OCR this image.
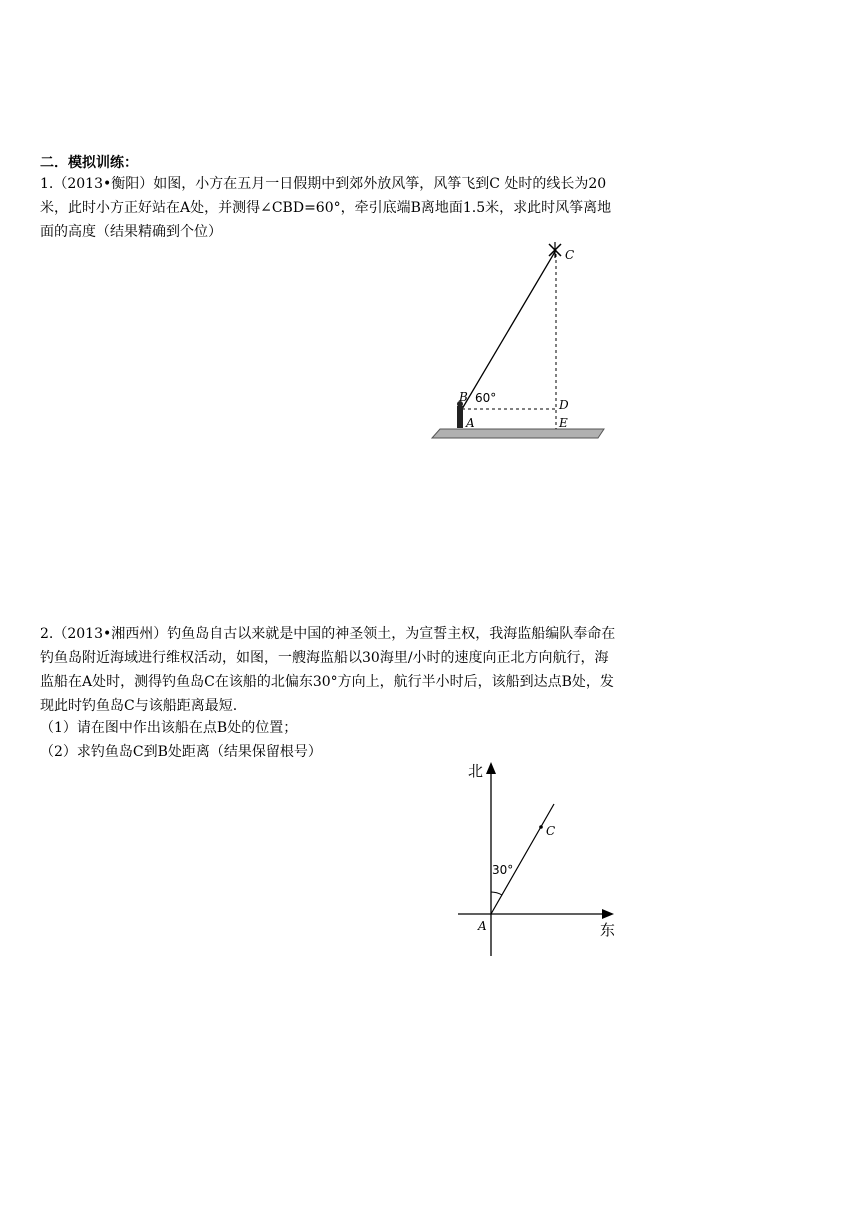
二．模拟训练：
1.（2013•衡阳）如图，小方在五月一日假期中到郊外放风筝，风筝飞到C 处时的线长为20米，此时小方正好站在A处，并测得∠CBD=60°，牵引底端B离地面1.5米，求此时风筝离地面的高度（结果精确到个位）
C
B
A
D
E
60°
2.（2013•湘西州）钓鱼岛自古以来就是中国的神圣领土，为宣誓主权，我海监船编队奉命在钓鱼岛附近海域进行维权活动，如图，一艘海监船以30海里/小时的速度向正北方向航行，海监船在A处时，测得钓鱼岛C在该船的北偏东30°方向上，航行半小时后，该船到达点B处，发现此时钓鱼岛C与该船距离最短.
（1）请在图中作出该船在点B处的位置；
（2）求钓鱼岛C到B处距离（结果保留根号）
北
东
A
C
30°
